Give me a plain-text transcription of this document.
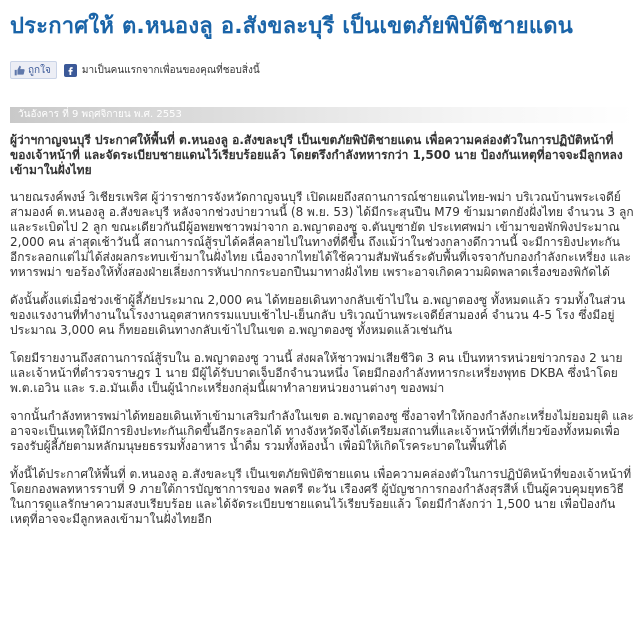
ประกาศให้ ต.หนองลู อ.สังขละบุรี เป็นเขตภัยพิบัติชายแดน
ถูกใจ	มาเป็นคนแรกจากเพื่อนของคุณที่ชอบสิ่งนี้
วันอังคาร ที่ 9 พฤศจิกายน พ.ศ. 2553
ผู้ว่าฯกาญจนบุรี ประกาศให้พื้นที่ ต.หนองลู อ.สังขละบุรี เป็นเขตภัยพิบัติชายแดน เพื่อความคล่องตัวในการปฏิบัติหน้าที่ของเจ้าหน้าที่ และจัดระเบียบชายแดนไว้เรียบร้อยแล้ว โดยตรึงกำลังทหารกว่า 1,500 นาย ป้องกันเหตุที่อาจจะมีลูกหลงเข้ามาในฝั่งไทย
นายณรงค์พงษ์ วิเชียรเพริศ ผู้ว่าราชการจังหวัดกาญจนบุรี เปิดเผยถึงสถานการณ์ชายแดนไทย-พม่า บริเวณบ้านพระเจดีย์สามองค์ ต.หนองลู อ.สังขละบุรี หลังจากช่วงบ่ายวานนี้ (8 พ.ย. 53) ได้มีกระสุนปืน M79 ข้ามมาตกยังฝั่งไทย จำนวน 3 ลูก และระเบิดไป 2 ลูก ขณะเดียวกันมีผู้อพยพชาวพม่าจาก อ.พญาตองซู จ.ตันบูซายัต ประเทศพม่า เข้ามาขอพักพิงประมาณ 2,000 คน ล่าสุดเช้าวันนี้ สถานการณ์สู้รบได้คลี่คลายไปในทางที่ดีขึ้น ถึงแม้ว่าในช่วงกลางดึกวานนี้ จะมีการยิงปะทะกันอีกระลอกแต่ไม่ได้ส่งผลกระทบเข้ามาในฝั่งไทย เนื่องจากไทยได้ใช้ความสัมพันธ์ระดับพื้นที่เจรจากับกองกำลังกะเหรี่ยง และทหารพม่า ขอร้องให้ทั้งสองฝ่ายเลี่ยงการหันปากกระบอกปืนมาทางฝั่งไทย เพราะอาจเกิดความผิดพลาดเรื่องของพิกัดได้
ดังนั้นตั้งแต่เมื่อช่วงเช้าผู้ลี้ภัยประมาณ 2,000 คน ได้ทยอยเดินทางกลับเข้าไปใน อ.พญาตองซู ทั้งหมดแล้ว รวมทั้งในส่วนของแรงงานที่ทำงานในโรงงานอุตสาหกรรมแบบเช้าไป-เย็นกลับ บริเวณบ้านพระเจดีย์สามองค์ จำนวน 4-5 โรง ซึ่งมีอยู่ประมาณ 3,000 คน ก็ทยอยเดินทางกลับเข้าไปในเขต อ.พญาตองซู ทั้งหมดแล้วเช่นกัน
โดยมีรายงานถึงสถานการณ์สู้รบใน อ.พญาตองซู วานนี้ ส่งผลให้ชาวพม่าเสียชีวิต 3 คน เป็นทหารหน่วยข่าวกรอง 2 นาย และเจ้าหน้าที่ตำรวจราษฎร 1 นาย มีผู้ได้รับบาดเจ็บอีกจำนวนหนึ่ง โดยมีกองกำลังทหารกะเหรี่ยงพุทธ DKBA ซึ่งนำโดย พ.ต.เอวิน และ ร.อ.มันเต็ง เป็นผู้นำกะเหรี่ยงกลุ่มนี้เผาทำลายหน่วยงานต่างๆ ของพม่า
จากนั้นกำลังทหารพม่าได้ทยอยเดินเท้าเข้ามาเสริมกำลังในเขต อ.พญาตองซู ซึ่งอาจทำให้กองกำลังกะเหรี่ยงไม่ยอมยุติ และอาจจะเป็นเหตุให้มีการยิงปะทะกันเกิดขึ้นอีกระลอกได้ ทางจังหวัดจึงได้เตรียมสถานที่และเจ้าหน้าที่ที่เกี่ยวข้องทั้งหมดเพื่อรองรับผู้ลี้ภัยตามหลักมนุษยธรรมทั้งอาหาร น้ำดื่ม รวมทั้งห้องน้ำ เพื่อมิให้เกิดโรคระบาดในพื้นที่ได้
ทั้งนี้ได้ประกาศให้พื้นที่ ต.หนองลู อ.สังขละบุรี เป็นเขตภัยพิบัติชายแดน เพื่อความคล่องตัวในการปฏิบัติหน้าที่ของเจ้าหน้าที่ โดยกองพลทหารราบที่ 9 ภายใต้การบัญชาการของ พลตรี ตะวัน เรืองศรี ผู้บัญชาการกองกำลังสุรสีห์ เป็นผู้ควบคุมยุทธวิธีในการดูแลรักษาความสงบเรียบร้อย และได้จัดระเบียบชายแดนไว้เรียบร้อยแล้ว โดยมีกำลังกว่า 1,500 นาย เพื่อป้องกันเหตุที่อาจจะมีลูกหลงเข้ามาในฝั่งไทยอีก
